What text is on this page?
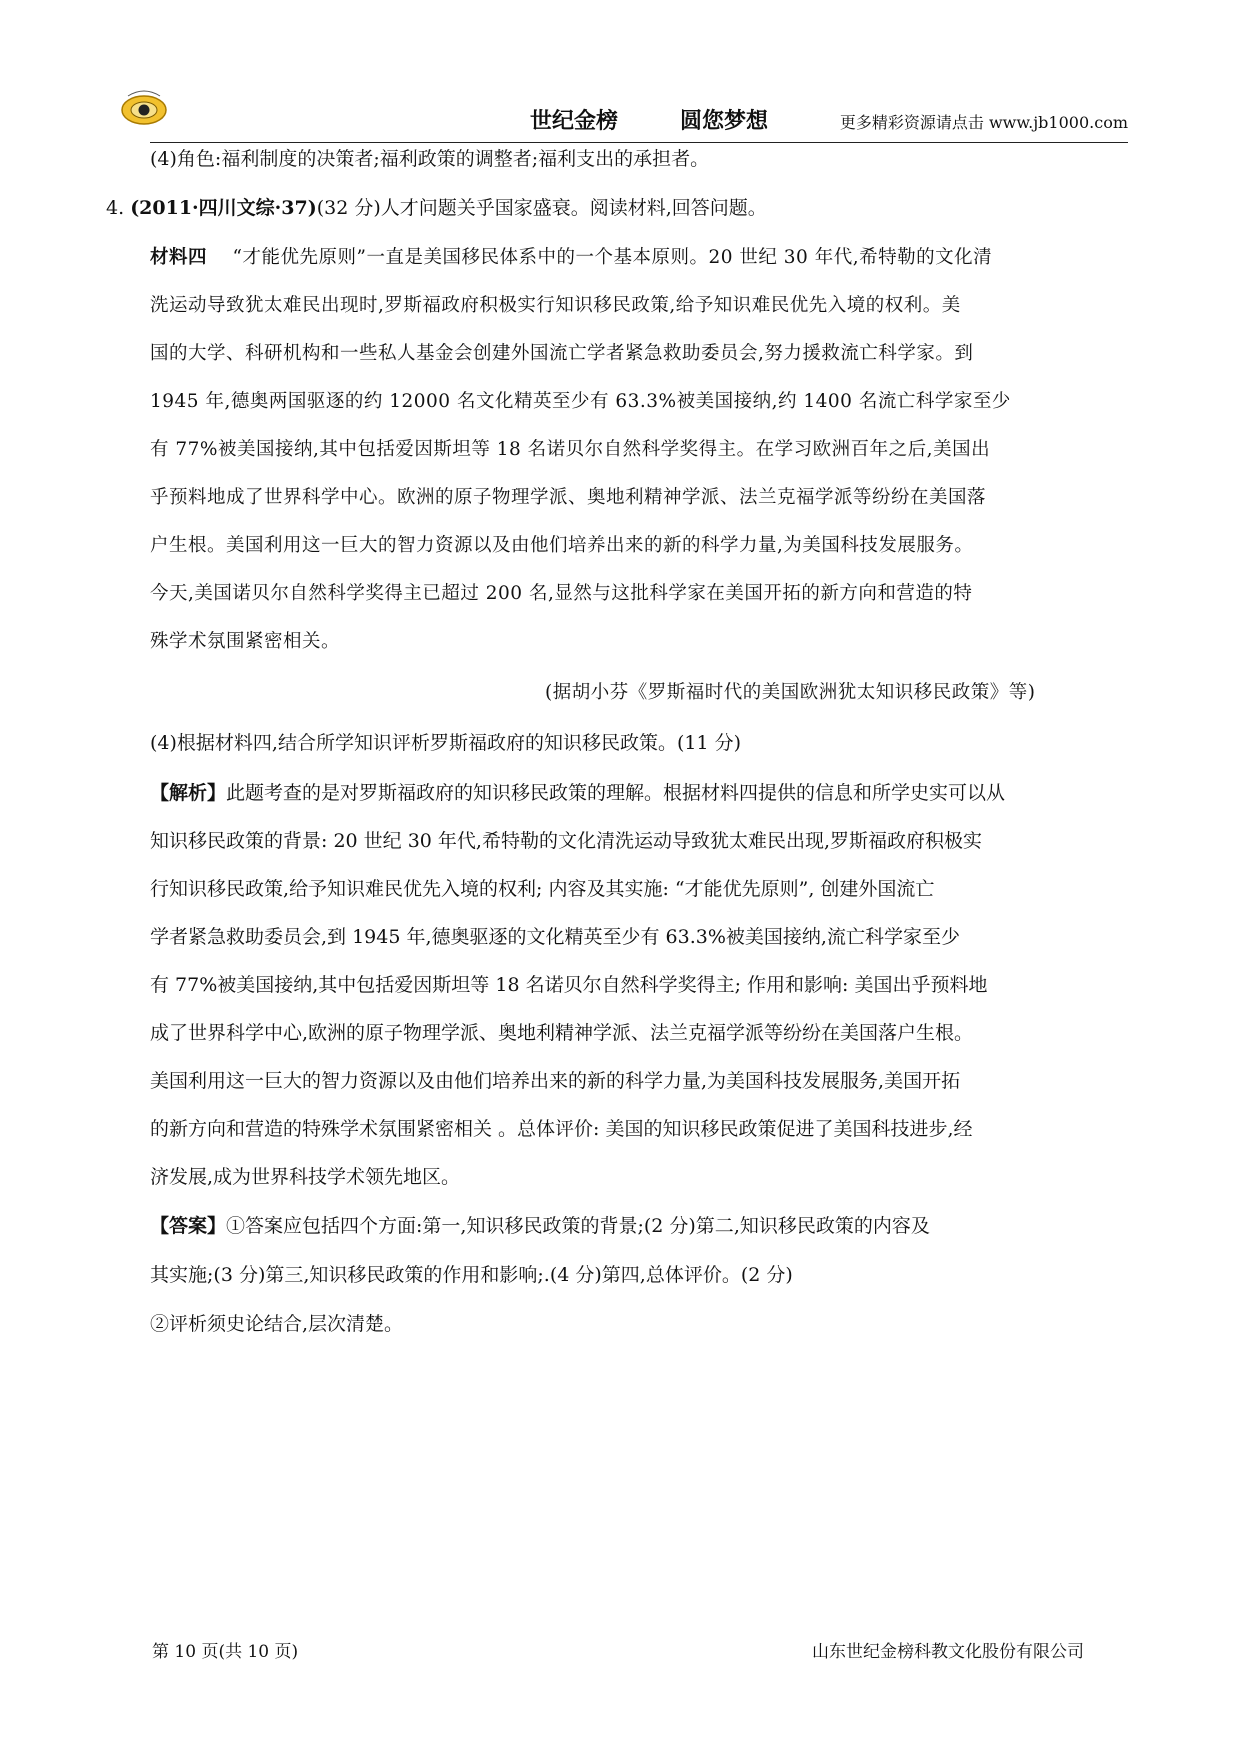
世纪金榜	圆您梦想	更多精彩资源请点击 www.jb1000.com
(4)角色:福利制度的决策者;福利政策的调整者;福利支出的承担者。
4. (2011·四川文综·37)(32 分)人才问题关乎国家盛衰。阅读材料,回答问题。
材料四 “才能优先原则”一直是美国移民体系中的一个基本原则。20 世纪 30 年代,希特勒的文化清
洗运动导致犹太难民出现时,罗斯福政府积极实行知识移民政策,给予知识难民优先入境的权利。美
国的大学、科研机构和一些私人基金会创建外国流亡学者紧急救助委员会,努力援救流亡科学家。到
1945 年,德奥两国驱逐的约 12000 名文化精英至少有 63.3%被美国接纳,约 1400 名流亡科学家至少
有 77%被美国接纳,其中包括爱因斯坦等 18 名诺贝尔自然科学奖得主。在学习欧洲百年之后,美国出
乎预料地成了世界科学中心。欧洲的原子物理学派、奥地利精神学派、法兰克福学派等纷纷在美国落
户生根。美国利用这一巨大的智力资源以及由他们培养出来的新的科学力量,为美国科技发展服务。
今天,美国诺贝尔自然科学奖得主已超过 200 名,显然与这批科学家在美国开拓的新方向和营造的特
殊学术氛围紧密相关。
(据胡小芬《罗斯福时代的美国欧洲犹太知识移民政策》等)
(4)根据材料四,结合所学知识评析罗斯福政府的知识移民政策。(11 分)
【解析】此题考查的是对罗斯福政府的知识移民政策的理解。根据材料四提供的信息和所学史实可以从
知识移民政策的背景: 20 世纪 30 年代,希特勒的文化清洗运动导致犹太难民出现,罗斯福政府积极实
行知识移民政策,给予知识难民优先入境的权利; 内容及其实施: “才能优先原则”, 创建外国流亡
学者紧急救助委员会,到 1945 年,德奥驱逐的文化精英至少有 63.3%被美国接纳,流亡科学家至少
有 77%被美国接纳,其中包括爱因斯坦等 18 名诺贝尔自然科学奖得主; 作用和影响: 美国出乎预料地
成了世界科学中心,欧洲的原子物理学派、奥地利精神学派、法兰克福学派等纷纷在美国落户生根。
美国利用这一巨大的智力资源以及由他们培养出来的新的科学力量,为美国科技发展服务,美国开拓
的新方向和营造的特殊学术氛围紧密相关 。总体评价: 美国的知识移民政策促进了美国科技进步,经
济发展,成为世界科技学术领先地区。
【答案】①答案应包括四个方面:第一,知识移民政策的背景;(2 分)第二,知识移民政策的内容及
其实施;(3 分)第三,知识移民政策的作用和影响;.(4 分)第四,总体评价。(2 分)
②评析须史论结合,层次清楚。
第 10 页(共 10 页)	山东世纪金榜科教文化股份有限公司
